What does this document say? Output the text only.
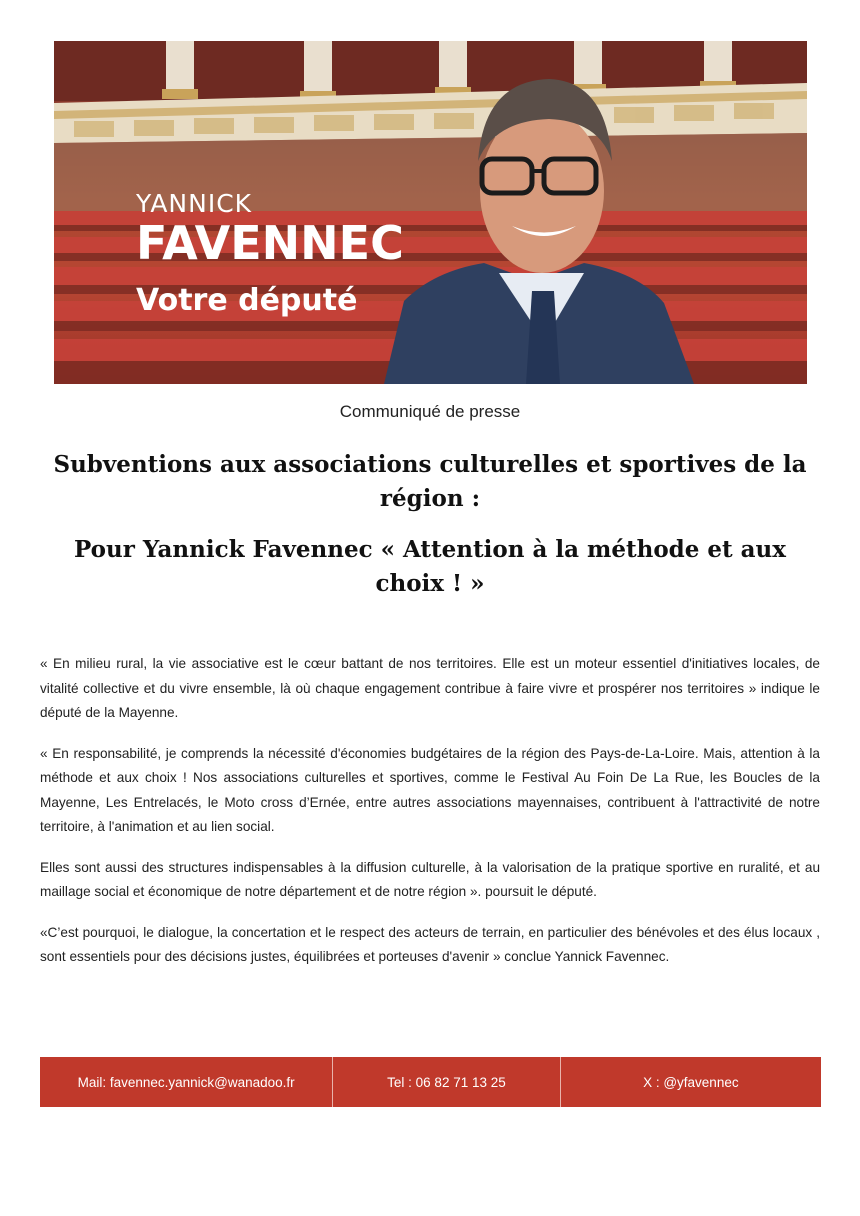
YANNICK
FAVENNEC
Votre député
Communiqué de presse
Subventions aux associations culturelles et sportives de la région :
Pour Yannick Favennec « Attention à la méthode et aux choix ! »

« En milieu rural, la vie associative est le cœur battant de nos territoires. Elle est un moteur essentiel d'initiatives locales, de vitalité collective et du vivre ensemble, là où chaque engagement contribue à faire vivre et prospérer nos territoires » indique le député de la Mayenne.

« En responsabilité, je comprends la nécessité d'économies budgétaires de la région des Pays-de-La-Loire. Mais, attention à la méthode et aux choix ! Nos associations culturelles et sportives, comme le Festival Au Foin De La Rue, les Boucles de la Mayenne, Les Entrelacés, le Moto cross d’Ernée, entre autres associations mayennaises, contribuent à l'attractivité de notre territoire, à l'animation et au lien social.

Elles sont aussi des structures indispensables à la diffusion culturelle, à la valorisation de la pratique sportive en ruralité, et au maillage social et économique de notre département et de notre région ». poursuit le député.

«C’est pourquoi, le dialogue, la concertation et le respect des acteurs de terrain, en particulier des bénévoles et des élus locaux , sont essentiels pour des décisions justes, équilibrées et porteuses d'avenir » conclue Yannick Favennec.

Mail: favennec.yannick@wanadoo.fr	Tel : 06 82 71 13 25	X : @yfavennec
